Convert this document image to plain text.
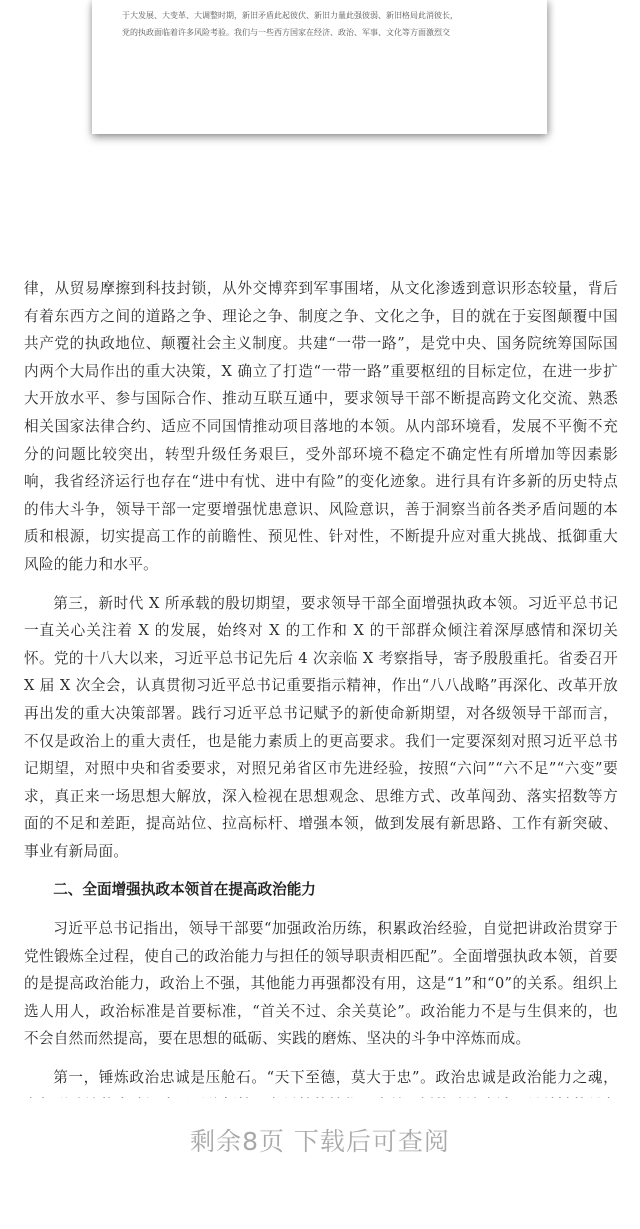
于大发展、大变革、大调整时期，新旧矛盾此起彼伏、新旧力量此强彼弱、新旧格局此消彼长，

党的执政面临着许多风险考验。我们与一些西方国家在经济、政治、军事、文化等方面激烈交

律，从贸易摩擦到科技封锁，从外交博弈到军事围堵，从文化渗透到意识形态较量，背后有着东西方之间的道路之争、理论之争、制度之争、文化之争，目的就在于妄图颠覆中国共产党的执政地位、颠覆社会主义制度。共建“一带一路”，是党中央、国务院统筹国际国内两个大局作出的重大决策，X 确立了打造“一带一路”重要枢纽的目标定位，在进一步扩大开放水平、参与国际合作、推动互联互通中，要求领导干部不断提高跨文化交流、熟悉相关国家法律合约、适应不同国情推动项目落地的本领。从内部环境看，发展不平衡不充分的问题比较突出，转型升级任务艰巨，受外部环境不稳定不确定性有所增加等因素影响，我省经济运行也存在“进中有忧、进中有险”的变化迹象。进行具有许多新的历史特点的伟大斗争，领导干部一定要增强忧患意识、风险意识，善于洞察当前各类矛盾问题的本质和根源，切实提高工作的前瞻性、预见性、针对性，不断提升应对重大挑战、抵御重大风险的能力和水平。

第三，新时代 X 所承载的殷切期望，要求领导干部全面增强执政本领。习近平总书记一直关心关注着 X 的发展，始终对 X 的工作和 X 的干部群众倾注着深厚感情和深切关怀。党的十八大以来，习近平总书记先后 4 次亲临 X 考察指导，寄予殷殷重托。省委召开 X 届 X 次全会，认真贯彻习近平总书记重要指示精神，作出“八八战略”再深化、改革开放再出发的重大决策部署。践行习近平总书记赋予的新使命新期望，对各级领导干部而言，不仅是政治上的重大责任，也是能力素质上的更高要求。我们一定要深刻对照习近平总书记期望，对照中央和省委要求，对照兄弟省区市先进经验，按照“六问”“六不足”“六变”要求，真正来一场思想大解放，深入检视在思想观念、思维方式、改革闯劲、落实招数等方面的不足和差距，提高站位、拉高标杆、增强本领，做到发展有新思路、工作有新突破、事业有新局面。

二、全面增强执政本领首在提高政治能力

习近平总书记指出，领导干部要“加强政治历练，积累政治经验，自觉把讲政治贯穿于党性锻炼全过程，使自己的政治能力与担任的领导职责相匹配”。全面增强执政本领，首要的是提高政治能力，政治上不强，其他能力再强都没有用，这是“1”和“0”的关系。组织上选人用人，政治标准是首要标准，“首关不过、余关莫论”。政治能力不是与生俱来的，也不会自然而然提高，要在思想的砥砺、实践的磨炼、坚决的斗争中淬炼而成。

第一，锤炼政治忠诚是压舱石。“天下至德，莫大于忠”。政治忠诚是政治能力之魂，

剩余8页 下载后可查阅
